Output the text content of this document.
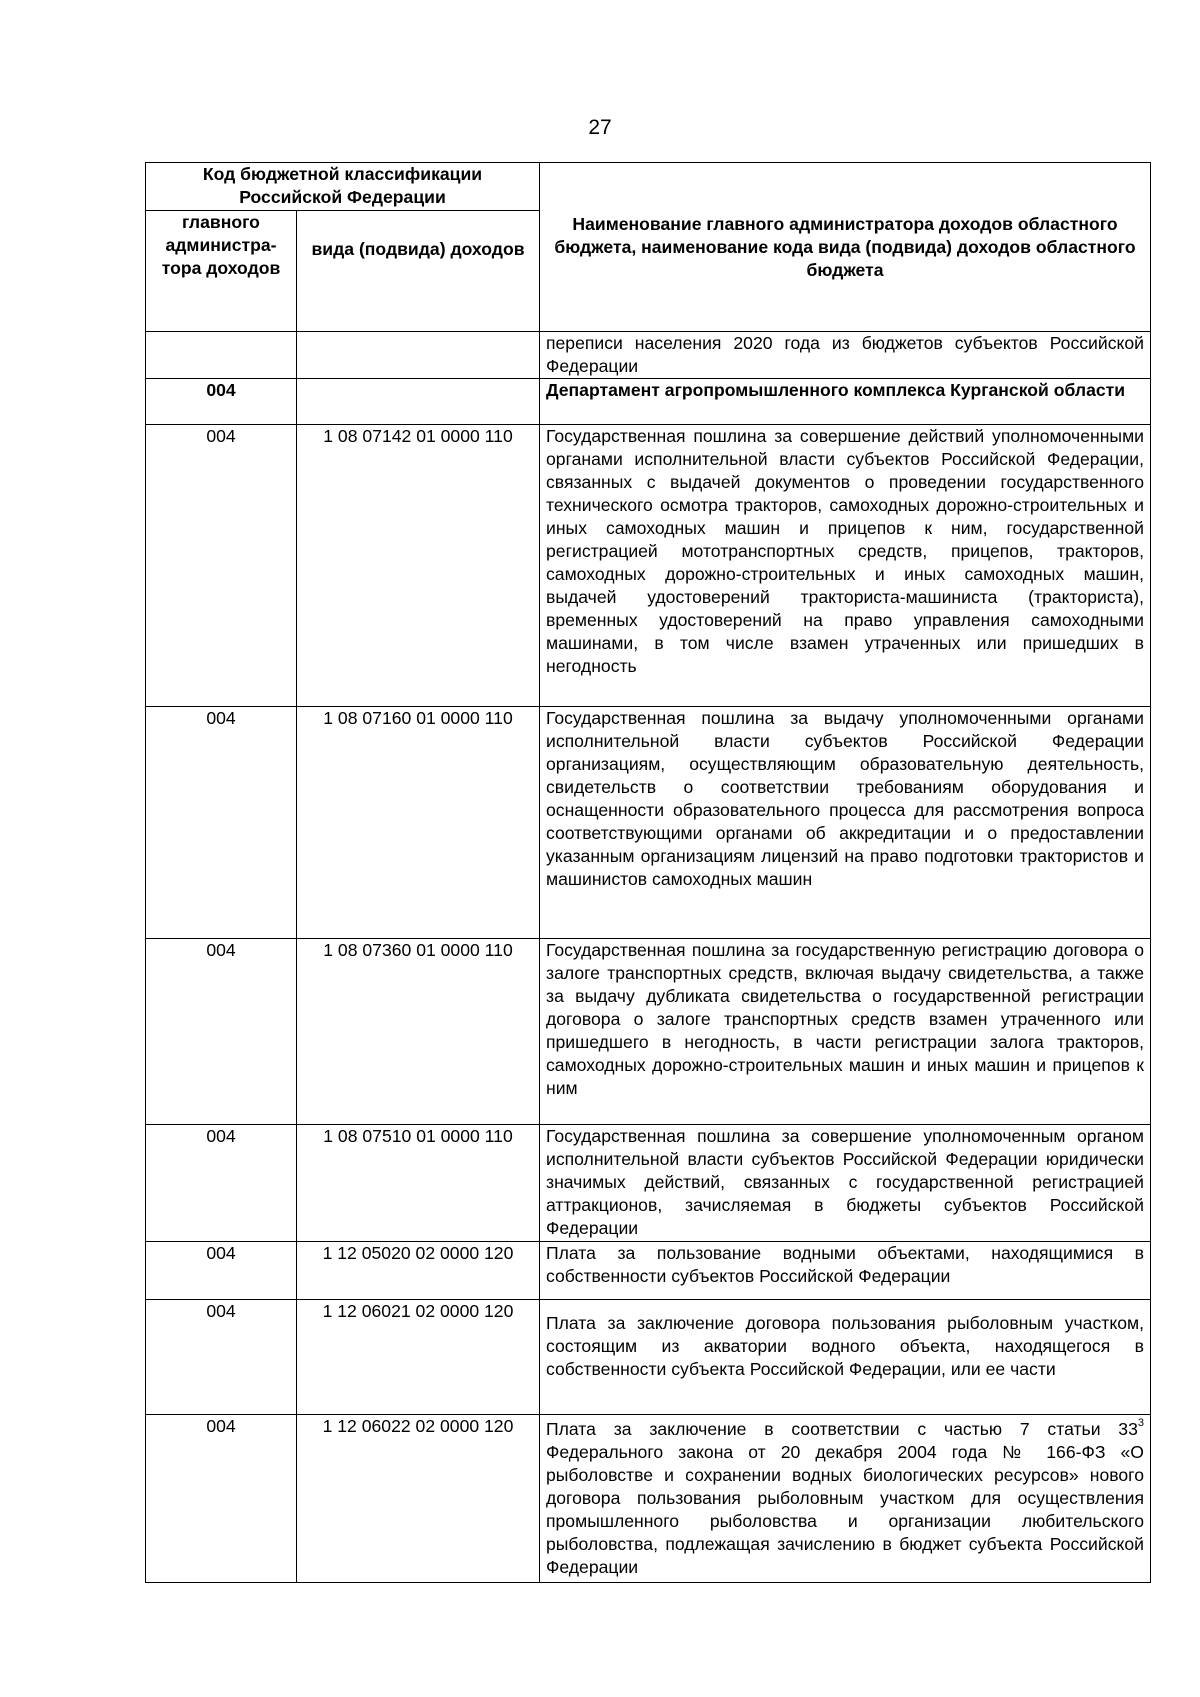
27
Код бюджетной классификации Российской Федерации		Наименование главного администратора доходов областного бюджета, наименование кода вида (подвида) доходов областного бюджета
главного администра-тора доходов	вида (подвида) доходов	
		переписи населения 2020 года из бюджетов субъектов Российской Федерации
004		Департамент агропромышленного комплекса Курганской области
004	1 08 07142 01 0000 110	Государственная пошлина за совершение действий уполномоченными органами исполнительной власти субъектов Российской Федерации, связанных с выдачей документов о проведении государственного технического осмотра тракторов, самоходных дорожно-строительных и иных самоходных машин и прицепов к ним, государственной регистрацией мототранспортных средств, прицепов, тракторов, самоходных дорожно-строительных и иных самоходных машин, выдачей удостоверений тракториста-машиниста (тракториста), временных удостоверений на право управления самоходными машинами, в том числе взамен утраченных или пришедших в негодность
004	1 08 07160 01 0000 110	Государственная пошлина за выдачу уполномоченными органами исполнительной власти субъектов Российской Федерации организациям, осуществляющим образовательную деятельность, свидетельств о соответствии требованиям оборудования и оснащенности образовательного процесса для рассмотрения вопроса соответствующими органами об аккредитации и о предоставлении указанным организациям лицензий на право подготовки трактористов и машинистов самоходных машин
004	1 08 07360 01 0000 110	Государственная пошлина за государственную регистрацию договора о залоге транспортных средств, включая выдачу свидетельства, а также за выдачу дубликата свидетельства о государственной регистрации договора о залоге транспортных средств взамен утраченного или пришедшего в негодность, в части регистрации залога тракторов, самоходных дорожно-строительных машин и иных машин и прицепов к ним
004	1 08 07510 01 0000 110	Государственная пошлина за совершение уполномоченным органом исполнительной власти субъектов Российской Федерации юридически значимых действий, связанных с государственной регистрацией аттракционов, зачисляемая в бюджеты субъектов Российской Федерации
004	1 12 05020 02 0000 120	Плата за пользование водными объектами, находящимися в собственности субъектов Российской Федерации
004	1 12 06021 02 0000 120	Плата за заключение договора пользования рыболовным участком, состоящим из акватории водного объекта, находящегося в собственности субъекта Российской Федерации, или ее части
004	1 12 06022 02 0000 120	Плата за заключение в соответствии с частью 7 статьи $33^3$ Федерального закона от 20 декабря 2004 года № 166-ФЗ «О рыболовстве и сохранении водных биологических ресурсов» нового договора пользования рыболовным участком для осуществления промышленного рыболовства и организации любительского рыболовства, подлежащая зачислению в бюджет субъекта Российской Федерации
